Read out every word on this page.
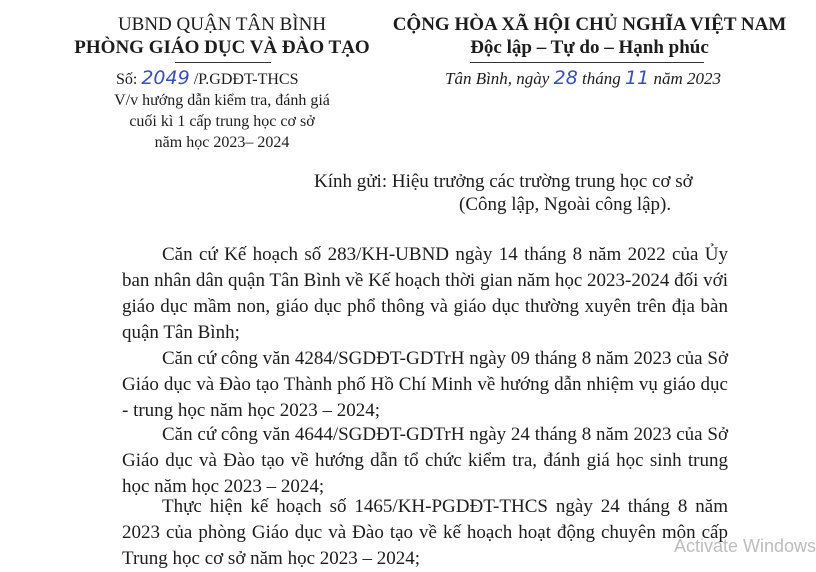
UBND QUẬN TÂN BÌNH
PHÒNG GIÁO DỤC VÀ ĐÀO TẠO
Số: 2049 /P.GDĐT-THCS
V/v hướng dẫn kiểm tra, đánh giá
cuối kì 1 cấp trung học cơ sở
năm học 2023– 2024
CỘNG HÒA XÃ HỘI CHỦ NGHĨA VIỆT NAM
Độc lập – Tự do – Hạnh phúc
Tân Bình, ngày 28 tháng 11 năm 2023
Kính gửi: Hiệu trưởng các trường trung học cơ sở
(Công lập, Ngoài công lập).
Căn cứ Kế hoạch số 283/KH-UBND ngày 14 tháng 8 năm 2022 của Ủy ban nhân dân quận Tân Bình về Kế hoạch thời gian năm học 2023-2024 đối với giáo dục mầm non, giáo dục phổ thông và giáo dục thường xuyên trên địa bàn quận Tân Bình;
Căn cứ công văn 4284/SGDĐT-GDTrH ngày 09 tháng 8 năm 2023 của Sở Giáo dục và Đào tạo Thành phố Hồ Chí Minh về hướng dẫn nhiệm vụ giáo dục - trung học năm học 2023 – 2024;
Căn cứ công văn 4644/SGDĐT-GDTrH ngày 24 tháng 8 năm 2023 của Sở Giáo dục và Đào tạo về hướng dẫn tổ chức kiểm tra, đánh giá học sinh trung học năm học 2023 – 2024;
Thực hiện kế hoạch số 1465/KH-PGDĐT-THCS ngày 24 tháng 8 năm 2023 của phòng Giáo dục và Đào tạo về kế hoạch hoạt động chuyên môn cấp Trung học cơ sở năm học 2023 – 2024;
Activate Windows
